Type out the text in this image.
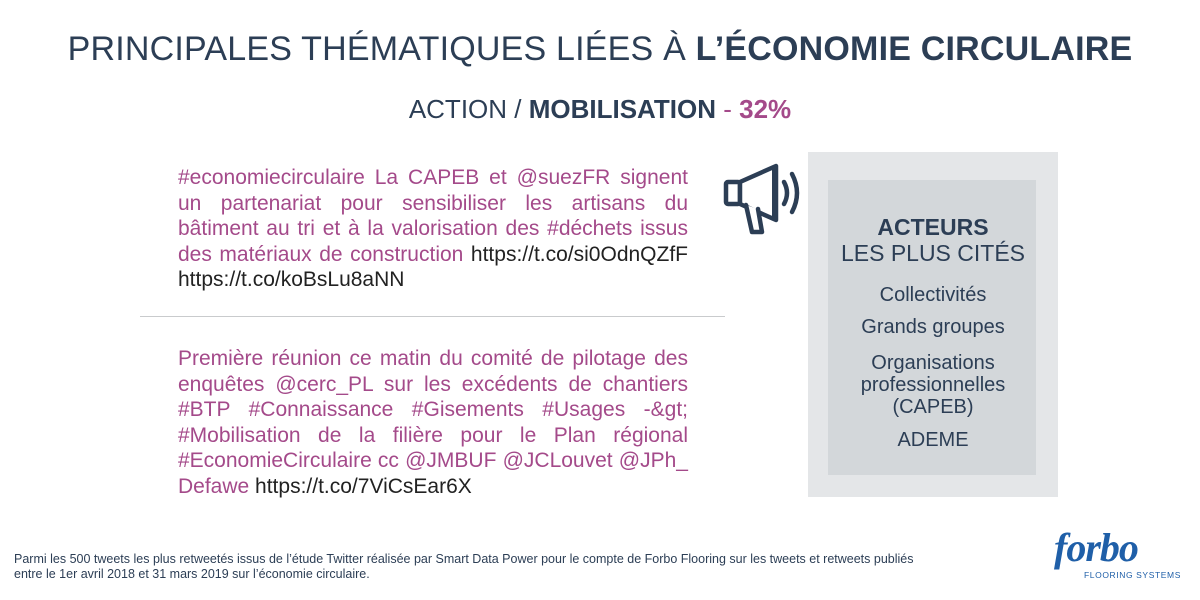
PRINCIPALES THÉMATIQUES LIÉES À L’ÉCONOMIE CIRCULAIRE
ACTION / MOBILISATION - 32%
#economiecirculaire La CAPEB et @suezFR signent un partenariat pour sensibiliser les artisans du bâtiment au tri et à la valorisation des #déchets issus des matériaux de construction https://t.co/si0OdnQZfF https://t.co/koBsLu8aNN
Première réunion ce matin du comité de pilotage des enquêtes @cerc_PL sur les excédents de chantiers #BTP #Connaissance #Gisements #Usages -&gt; #Mobilisation de la filière pour le Plan régional #EconomieCirculaire cc @JMBUF @JCLouvet @JPh_ Defawe https://t.co/7ViCsEar6X
ACTEURS
LES PLUS CITÉS
Collectivités
Grands groupes
Organisations professionnelles (CAPEB)
ADEME
Parmi les 500 tweets les plus retweetés issus de l’étude Twitter réalisée par Smart Data Power pour le compte de Forbo Flooring sur les tweets et retweets publiés entre le 1er avril 2018 et 31 mars 2019 sur l’économie circulaire.
forbo
FLOORING SYSTEMS
